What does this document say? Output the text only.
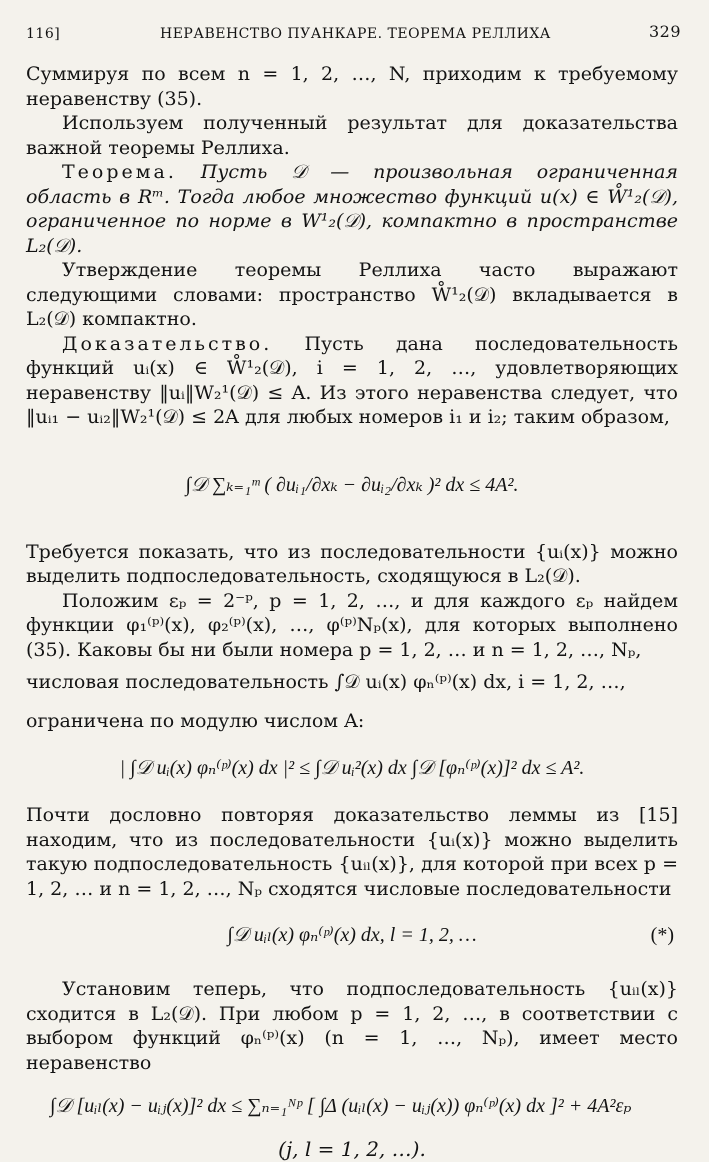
116]	НЕРАВЕНСТВО ПУАНКАРЕ. ТЕОРЕМА РЕЛЛИХА	329

Суммируя по всем n = 1, 2, …, N, приходим к требуемому неравенству (35).

Используем полученный результат для доказательства важной теоремы Реллиха.

Теорема. Пусть 𝒟 — произвольная ограниченная область в Rᵐ. Тогда любое множество функций u(x) ∈ W̊¹₂(𝒟), ограниченное по норме в W¹₂(𝒟), компактно в пространстве L₂(𝒟).

Утверждение теоремы Реллиха часто выражают следующими словами: пространство W̊¹₂(𝒟) вкладывается в L₂(𝒟) компактно.

Доказательство. Пусть дана последовательность функций uᵢ(x) ∈ W̊¹₂(𝒟), i = 1, 2, …, удовлетворяющих неравенству ‖uᵢ‖W₂¹(𝒟) ≤ A. Из этого неравенства следует, что ‖uᵢ₁ − uᵢ₂‖W₂¹(𝒟) ≤ 2A для любых номеров i₁ и i₂; таким образом,

∫𝒟 ∑ₖ₌₁ᵐ ( ∂uᵢ₁/∂xₖ − ∂uᵢ₂/∂xₖ )² dx ≤ 4A².

Требуется показать, что из последовательности {uᵢ(x)} можно выделить подпоследовательность, сходящуюся в L₂(𝒟).

Положим εₚ = 2⁻ᵖ, p = 1, 2, …, и для каждого εₚ найдем функции φ₁⁽ᵖ⁾(x), φ₂⁽ᵖ⁾(x), …, φ⁽ᵖ⁾Nₚ(x), для которых выполнено (35). Каковы бы ни были номера p = 1, 2, … и n = 1, 2, …, Nₚ,

числовая последовательность ∫𝒟 uᵢ(x) φₙ⁽ᵖ⁾(x) dx, i = 1, 2, …,

ограничена по модулю числом A:

| ∫𝒟 uᵢ(x) φₙ⁽ᵖ⁾(x) dx |² ≤ ∫𝒟 uᵢ²(x) dx ∫𝒟 [φₙ⁽ᵖ⁾(x)]² dx ≤ A².

Почти дословно повторяя доказательство леммы из [15] находим, что из последовательности {uᵢ(x)} можно выделить такую подпоследовательность {uᵢₗ(x)}, для которой при всех p = 1, 2, … и n = 1, 2, …, Nₚ сходятся числовые последовательности

∫𝒟 uᵢₗ(x) φₙ⁽ᵖ⁾(x) dx, l = 1, 2, …	(*)

Установим теперь, что подпоследовательность {uᵢₗ(x)} сходится в L₂(𝒟). При любом p = 1, 2, …, в соответствии с выбором функций φₙ⁽ᵖ⁾(x) (n = 1, …, Nₚ), имеет место неравенство

∫𝒟 [uᵢₗ(x) − uᵢⱼ(x)]² dx ≤ ∑ₙ₌₁ᴺᵖ [ ∫Δ (uᵢₗ(x) − uᵢⱼ(x)) φₙ⁽ᵖ⁾(x) dx ]² + 4A²εₚ
(j, l = 1, 2, …).
